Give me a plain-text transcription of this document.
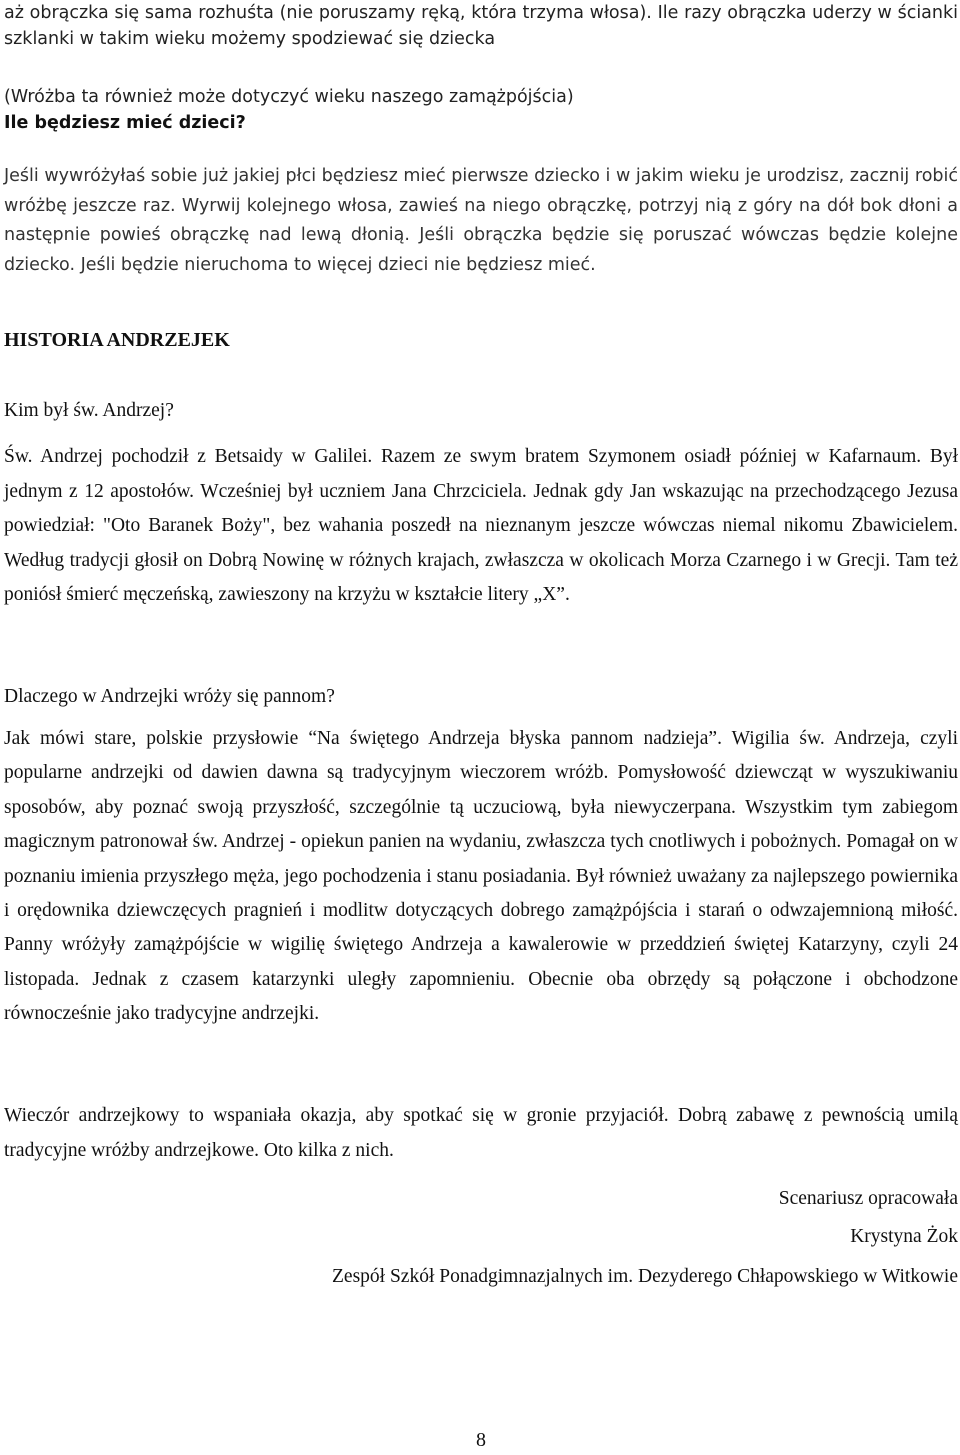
aż obrączka się sama rozhuśta (nie poruszamy ręką, która trzyma włosa). Ile razy obrączka uderzy w ścianki szklanki w takim wieku możemy spodziewać się dziecka

(Wróżba ta również może dotyczyć wieku naszego zamążpójścia)

Ile będziesz mieć dzieci?

Jeśli wywróżyłaś sobie już jakiej płci będziesz mieć pierwsze dziecko i w jakim wieku je urodzisz, zacznij robić wróżbę jeszcze raz. Wyrwij kolejnego włosa, zawieś na niego obrączkę, potrzyj nią z góry na dół bok dłoni a następnie powieś obrączkę nad lewą dłonią. Jeśli obrączka będzie się poruszać wówczas będzie kolejne dziecko. Jeśli będzie nieruchoma to więcej dzieci nie będziesz mieć.

HISTORIA ANDRZEJEK

Kim był św. Andrzej?

Św. Andrzej pochodził z Betsaidy w Galilei. Razem ze swym bratem Szymonem osiadł później w Kafarnaum. Był jednym z 12 apostołów. Wcześniej był uczniem Jana Chrzciciela. Jednak gdy Jan wskazując na przechodzącego Jezusa powiedział: "Oto Baranek Boży", bez wahania poszedł na nieznanym jeszcze wówczas niemal nikomu Zbawicielem. Według tradycji głosił on Dobrą Nowinę w różnych krajach, zwłaszcza w okolicach Morza Czarnego i w Grecji. Tam też poniósł śmierć męczeńską, zawieszony na krzyżu w kształcie litery „X”.

Dlaczego w Andrzejki wróży się pannom?

Jak mówi stare, polskie przysłowie “Na świętego Andrzeja błyska pannom nadzieja”. Wigilia św. Andrzeja, czyli popularne andrzejki od dawien dawna są tradycyjnym wieczorem wróżb. Pomysłowość dziewcząt w wyszukiwaniu sposobów, aby poznać swoją przyszłość, szczególnie tą uczuciową, była niewyczerpana. Wszystkim tym zabiegom magicznym patronował św. Andrzej - opiekun panien na wydaniu, zwłaszcza tych cnotliwych i pobożnych. Pomagał on w poznaniu imienia przyszłego męża, jego pochodzenia i stanu posiadania. Był również uważany za najlepszego powiernika i orędownika dziewczęcych pragnień i modlitw dotyczących dobrego zamążpójścia i starań o odwzajemnioną miłość. Panny wróżyły zamążpójście w wigilię świętego Andrzeja a kawalerowie w przeddzień świętej Katarzyny, czyli 24 listopada. Jednak z czasem katarzynki uległy zapomnieniu. Obecnie oba obrzędy są połączone i obchodzone równocześnie jako tradycyjne andrzejki.

Wieczór andrzejkowy to wspaniała okazja, aby spotkać się w gronie przyjaciół. Dobrą zabawę z pewnością umilą tradycyjne wróżby andrzejkowe. Oto kilka z nich.

Scenariusz opracowała

Krystyna Żok

Zespół Szkół Ponadgimnazjalnych im. Dezyderego Chłapowskiego w Witkowie

8
